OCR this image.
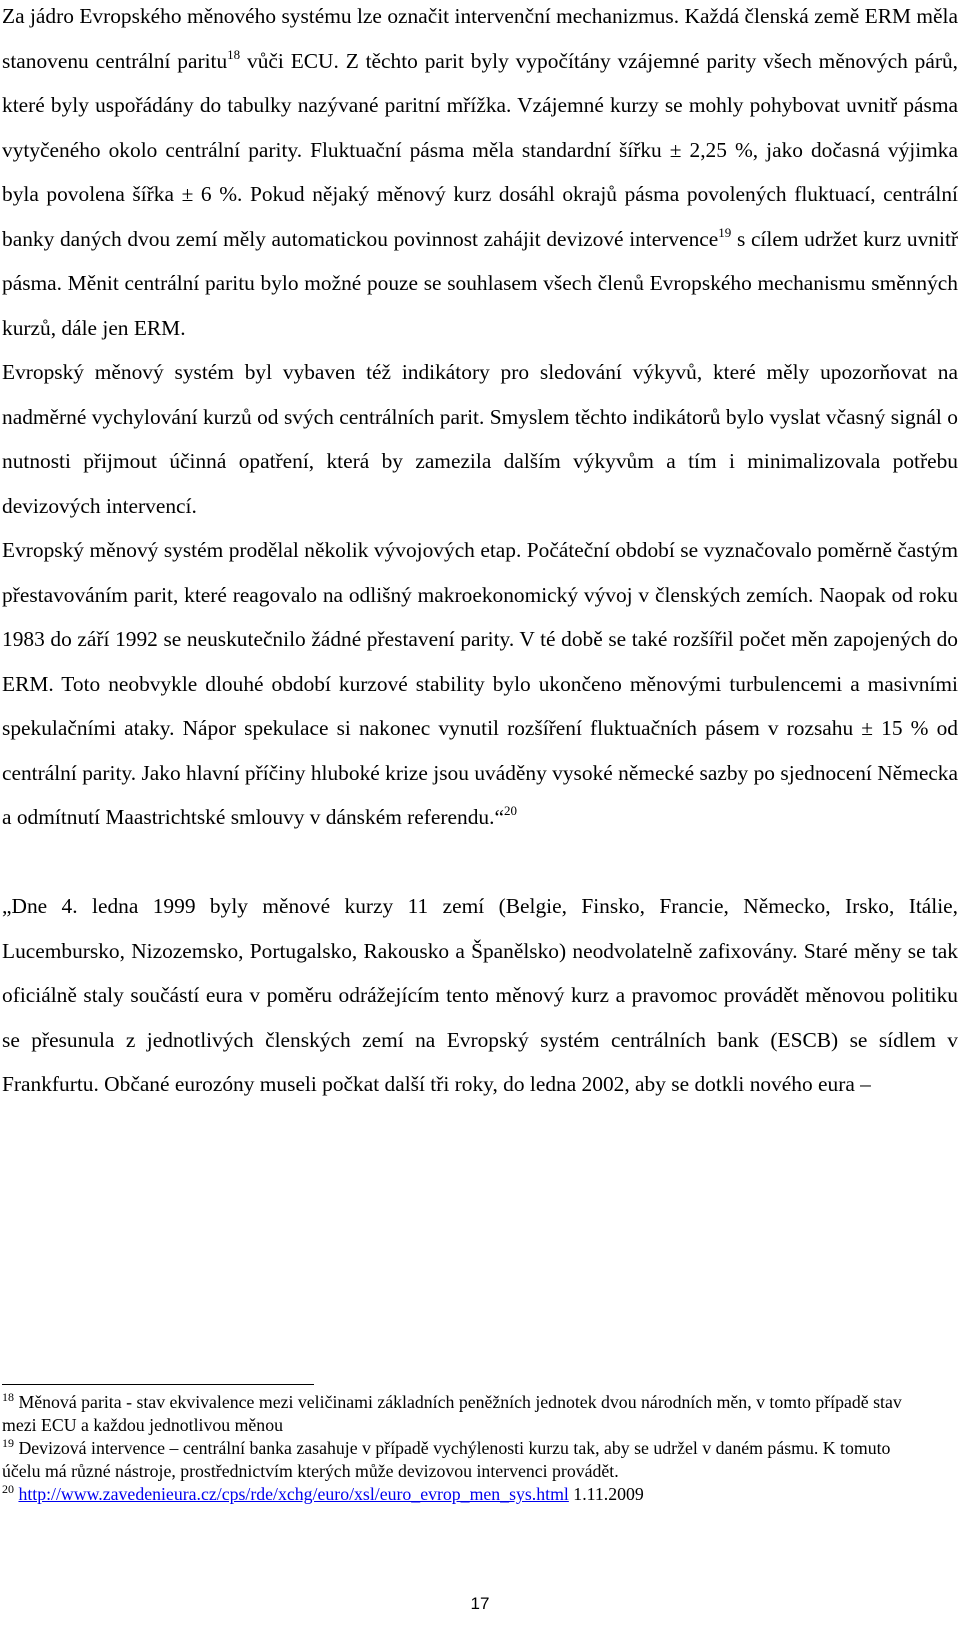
Za jádro Evropského měnového systému lze označit intervenční mechanizmus. Každá členská země ERM měla stanovenu centrální paritu$^{18}$ vůči ECU. Z těchto parit byly vypočítány vzájemné parity všech měnových párů, které byly uspořádány do tabulky nazývané paritní mřížka. Vzájemné kurzy se mohly pohybovat uvnitř pásma vytyčeného okolo centrální parity. Fluktuační pásma měla standardní šířku ± 2,25 %, jako dočasná výjimka byla povolena šířka ± 6 %. Pokud nějaký měnový kurz dosáhl okrajů pásma povolených fluktuací, centrální banky daných dvou zemí měly automatickou povinnost zahájit devizové intervence$^{19}$ s cílem udržet kurz uvnitř pásma. Měnit centrální paritu bylo možné pouze se souhlasem všech členů Evropského mechanismu směnných kurzů, dále jen ERM.

Evropský měnový systém byl vybaven též indikátory pro sledování výkyvů, které měly upozorňovat na nadměrné vychylování kurzů od svých centrálních parit. Smyslem těchto indikátorů bylo vyslat včasný signál o nutnosti přijmout účinná opatření, která by zamezila dalším výkyvům a tím i minimalizovala potřebu devizových intervencí.

Evropský měnový systém prodělal několik vývojových etap. Počáteční období se vyznačovalo poměrně častým přestavováním parit, které reagovalo na odlišný makroekonomický vývoj v členských zemích. Naopak od roku 1983 do září 1992 se neuskutečnilo žádné přestavení parity. V té době se také rozšířil počet měn zapojených do ERM. Toto neobvykle dlouhé období kurzové stability bylo ukončeno měnovými turbulencemi a masivními spekulačními ataky. Nápor spekulace si nakonec vynutil rozšíření fluktuačních pásem v rozsahu ± 15 % od centrální parity. Jako hlavní příčiny hluboké krize jsou uváděny vysoké německé sazby po sjednocení Německa a odmítnutí Maastrichtské smlouvy v dánském referendu.“$^{20}$

„Dne 4. ledna 1999 byly měnové kurzy 11 zemí (Belgie, Finsko, Francie, Německo, Irsko, Itálie, Lucembursko, Nizozemsko, Portugalsko, Rakousko a Španělsko) neodvolatelně zafixovány. Staré měny se tak oficiálně staly součástí eura v poměru odrážejícím tento měnový kurz a pravomoc provádět měnovou politiku se přesunula z jednotlivých členských zemí na Evropský systém centrálních bank (ESCB) se sídlem v Frankfurtu. Občané eurozóny museli počkat další tři roky, do ledna 2002, aby se dotkli nového eura –

$^{18}$ Měnová parita - stav ekvivalence mezi veličinami základních peněžních jednotek dvou národních měn, v tomto případě stav mezi ECU a každou jednotlivou měnou

$^{19}$ Devizová intervence – centrální banka zasahuje v případě vychýlenosti kurzu tak, aby se udržel v daném pásmu. K tomuto účelu má různé nástroje, prostřednictvím kterých může devizovou intervenci provádět.

$^{20}$ http://www.zavedenieura.cz/cps/rde/xchg/euro/xsl/euro_evrop_men_sys.html 1.11.2009

17
